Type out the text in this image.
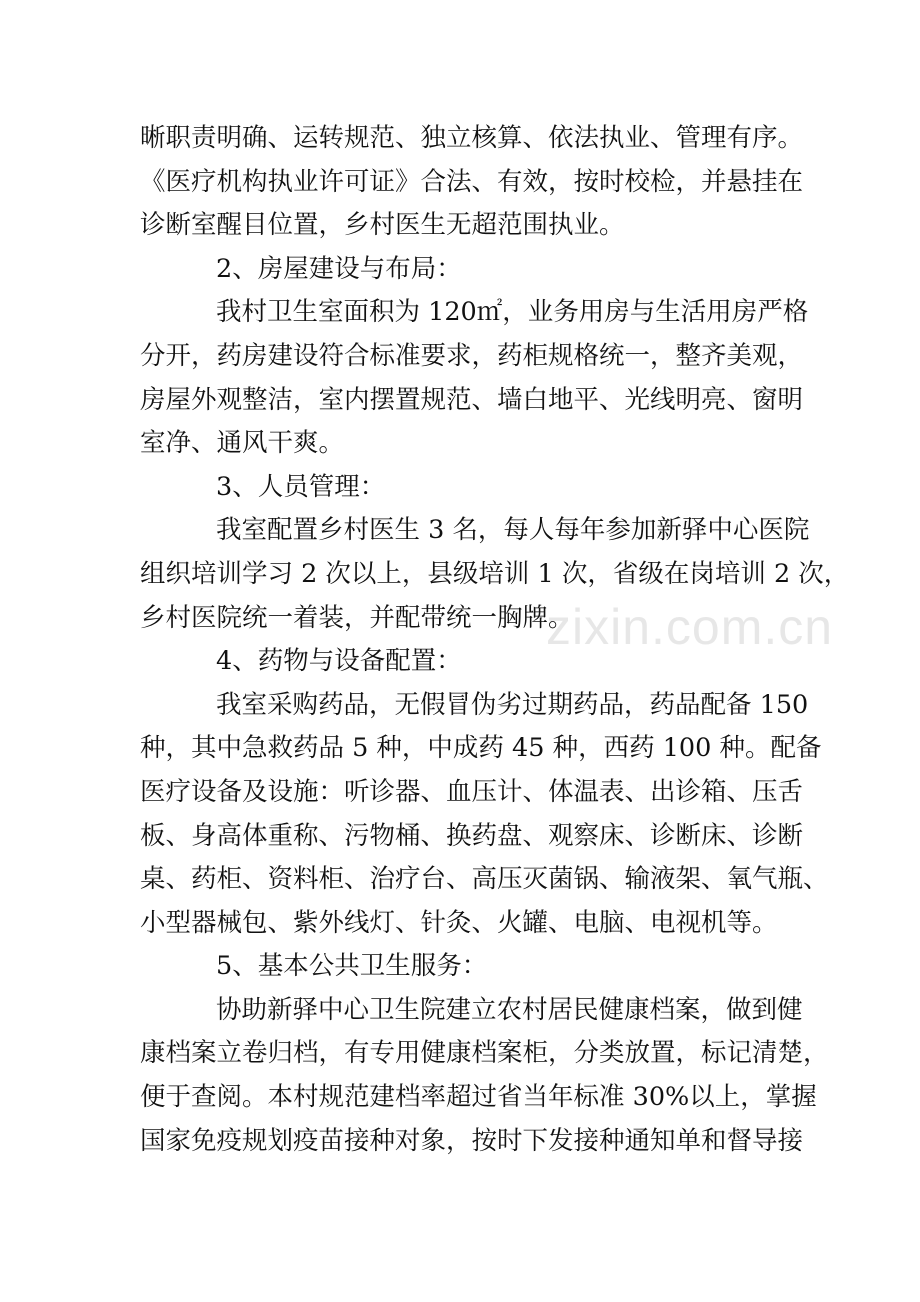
晰职责明确、运转规范、独立核算、依法执业、管理有序。
《医疗机构执业许可证》合法、有效，按时校检，并悬挂在
诊断室醒目位置，乡村医生无超范围执业。
2、房屋建设与布局：
我村卫生室面积为 120㎡，业务用房与生活用房严格
分开，药房建设符合标准要求，药柜规格统一，整齐美观，
房屋外观整洁，室内摆置规范、墙白地平、光线明亮、窗明
室净、通风干爽。
3、人员管理：
我室配置乡村医生 3 名，每人每年参加新驿中心医院
组织培训学习 2 次以上，县级培训 1 次，省级在岗培训 2 次，
乡村医院统一着装，并配带统一胸牌。
4、药物与设备配置：
我室采购药品，无假冒伪劣过期药品，药品配备 150
种，其中急救药品 5 种，中成药 45 种，西药 100 种。配备
医疗设备及设施：听诊器、血压计、体温表、出诊箱、压舌
板、身高体重称、污物桶、换药盘、观察床、诊断床、诊断
桌、药柜、资料柜、治疗台、高压灭菌锅、输液架、氧气瓶、
小型器械包、紫外线灯、针灸、火罐、电脑、电视机等。
5、基本公共卫生服务：
协助新驿中心卫生院建立农村居民健康档案，做到健
康档案立卷归档，有专用健康档案柜，分类放置，标记清楚，
便于查阅。本村规范建档率超过省当年标准 30%以上，掌握
国家免疫规划疫苗接种对象，按时下发接种通知单和督导接
zixin.com.cn
